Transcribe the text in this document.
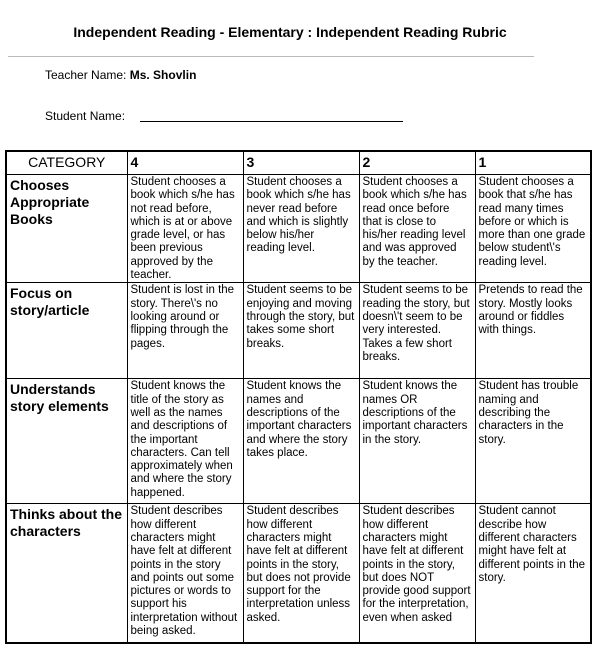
Independent Reading - Elementary : Independent Reading Rubric
Teacher Name: Ms. Shovlin
Student Name:
CATEGORY	4	3	2	1
Chooses Appropriate Books	Student chooses a book which s/he has not read before, which is at or above grade level, or has been previous approved by the teacher.	Student chooses a book which s/he has never read before and which is slightly below his/her reading level.	Student chooses a book which s/he has read once before that is close to his/her reading level and was approved by the teacher.	Student chooses a book that s/he has read many times before or which is more than one grade below student\'s reading level.
Focus on story/article	Student is lost in the story. There\'s no looking around or flipping through the pages.	Student seems to be enjoying and moving through the story, but takes some short breaks.	Student seems to be reading the story, but doesn\'t seem to be very interested. Takes a few short breaks.	Pretends to read the story. Mostly looks around or fiddles with things.
Understands story elements	Student knows the title of the story as well as the names and descriptions of the important characters. Can tell approximately when and where the story happened.	Student knows the names and descriptions of the important characters and where the story takes place.	Student knows the names OR descriptions of the important characters in the story.	Student has trouble naming and describing the characters in the story.
Thinks about the characters	Student describes how different characters might have felt at different points in the story and points out some pictures or words to support his interpretation without being asked.	Student describes how different characters might have felt at different points in the story, but does not provide support for the interpretation unless asked.	Student describes how different characters might have felt at different points in the story, but does NOT provide good support for the interpretation, even when asked	Student cannot describe how different characters might have felt at different points in the story.
